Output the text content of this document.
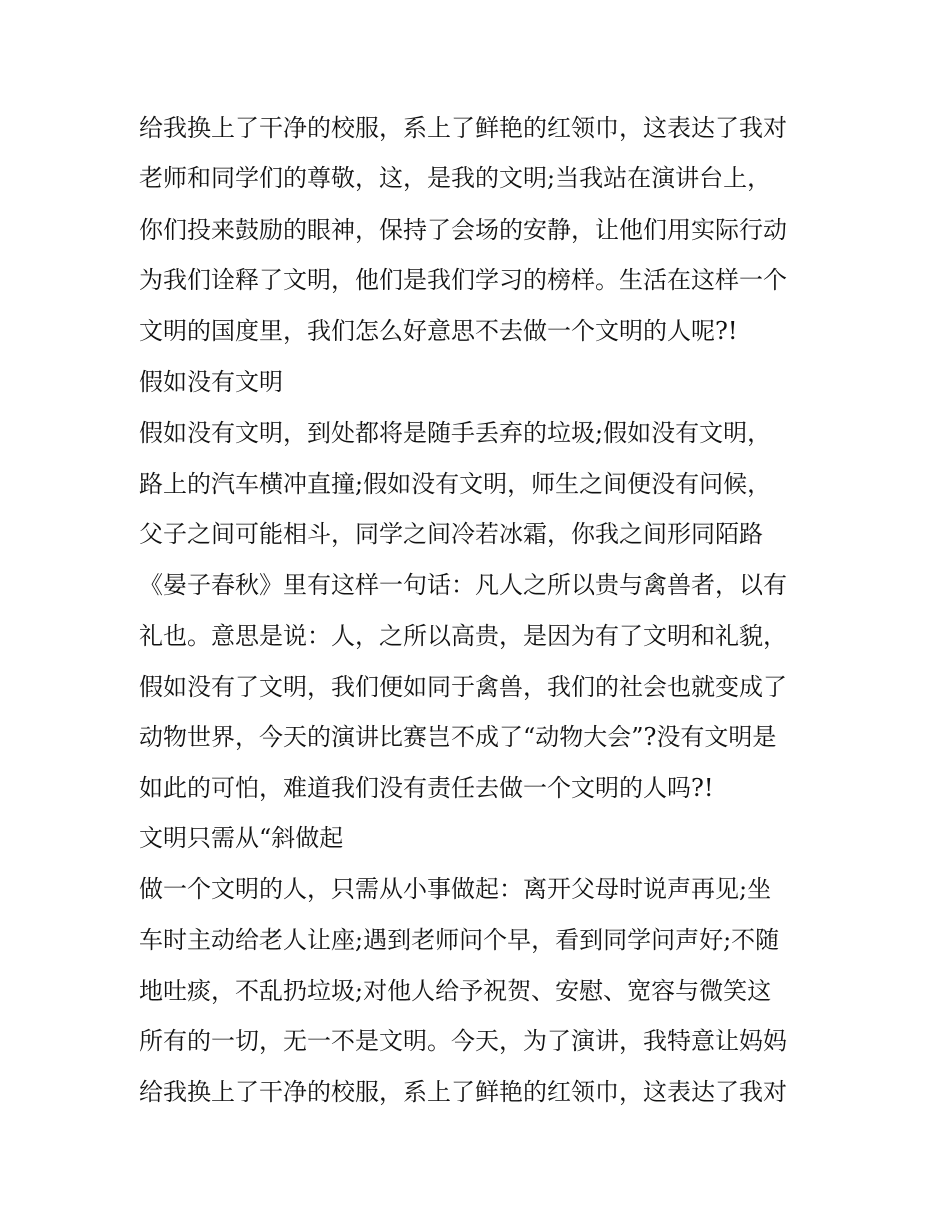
给我换上了干净的校服，系上了鲜艳的红领巾，这表达了我对

老师和同学们的尊敬，这，是我的文明;当我站在演讲台上，

你们投来鼓励的眼神，保持了会场的安静，让他们用实际行动

为我们诠释了文明，他们是我们学习的榜样。生活在这样一个

文明的国度里，我们怎么好意思不去做一个文明的人呢?!

假如没有文明

假如没有文明，到处都将是随手丢弃的垃圾;假如没有文明，

路上的汽车横冲直撞;假如没有文明，师生之间便没有问候，

父子之间可能相斗，同学之间冷若冰霜，你我之间形同陌路

《晏子春秋》里有这样一句话：凡人之所以贵与禽兽者，以有

礼也。意思是说：人，之所以高贵，是因为有了文明和礼貌，

假如没有了文明，我们便如同于禽兽，我们的社会也就变成了

动物世界，今天的演讲比赛岂不成了“动物大会”?没有文明是

如此的可怕，难道我们没有责任去做一个文明的人吗?!

文明只需从“斜做起

做一个文明的人，只需从小事做起：离开父母时说声再见;坐

车时主动给老人让座;遇到老师问个早，看到同学问声好;不随

地吐痰，不乱扔垃圾;对他人给予祝贺、安慰、宽容与微笑这

所有的一切，无一不是文明。今天，为了演讲，我特意让妈妈

给我换上了干净的校服，系上了鲜艳的红领巾，这表达了我对
